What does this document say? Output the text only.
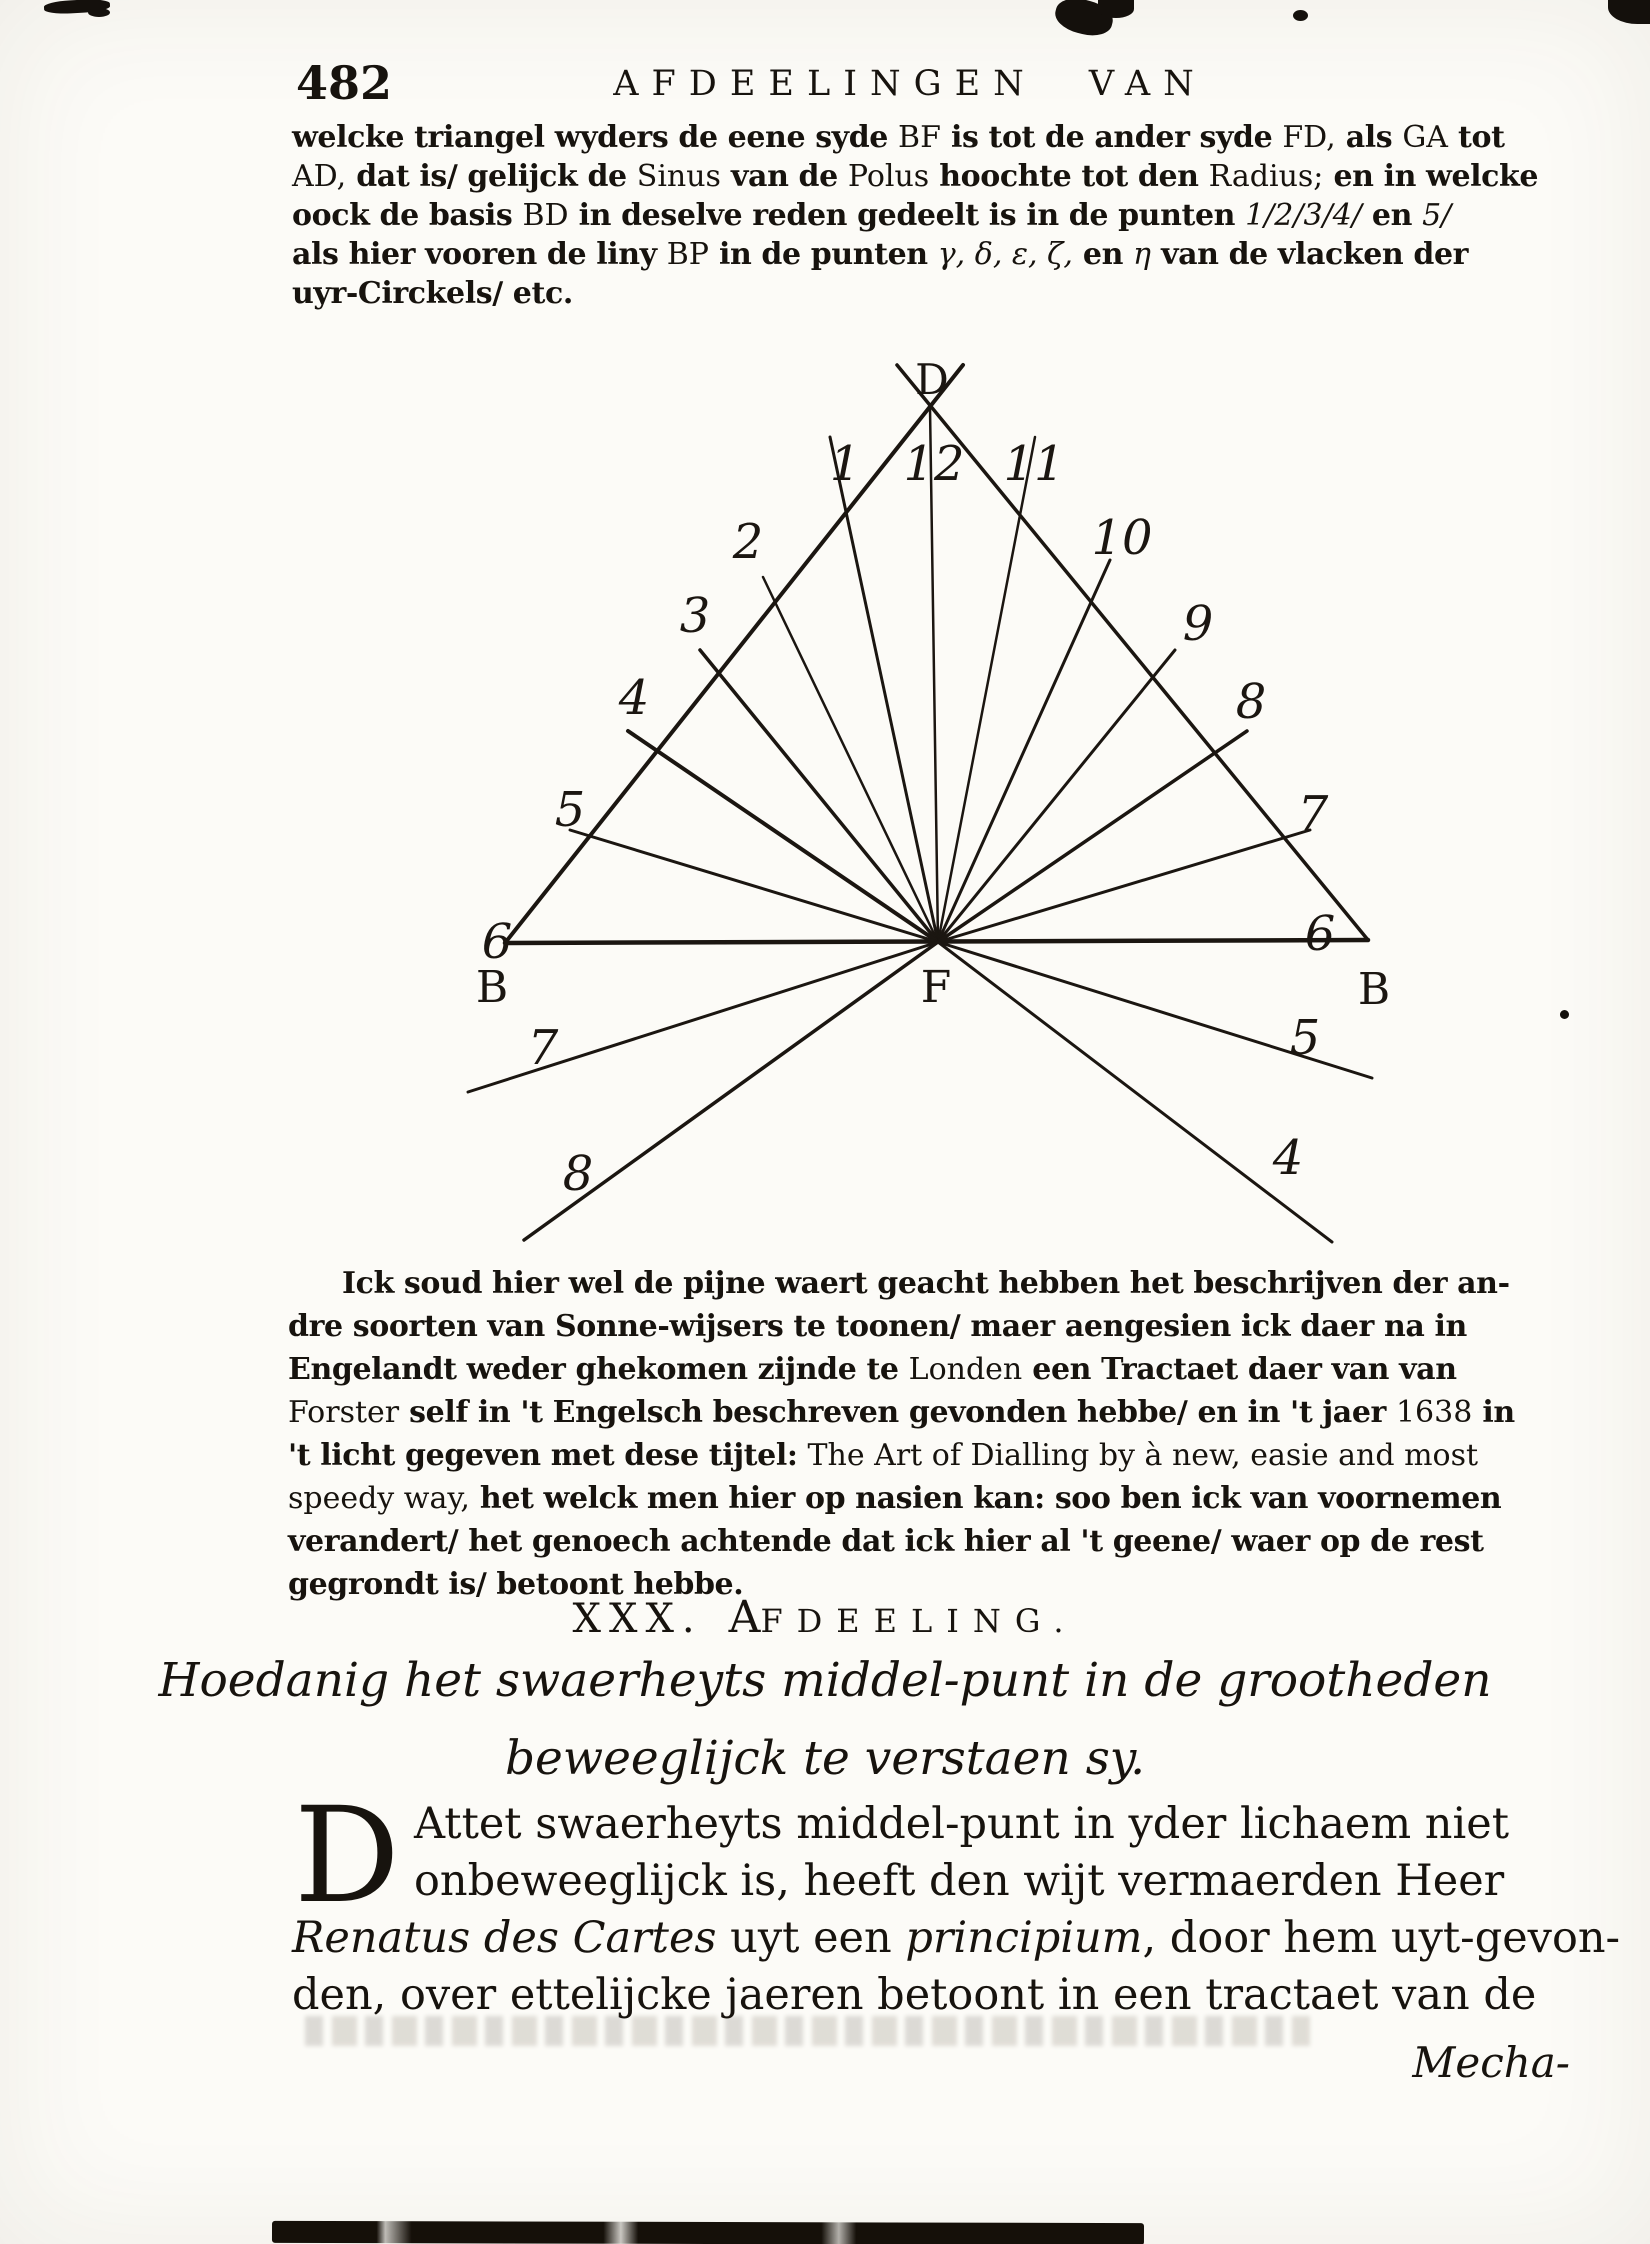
482	AFDEELINGEN VAN
welcke triangel wyders de eene syde BF is tot de ander syde FD, als GA tot
AD, dat is/ gelijck de Sinus van de Polus hoochte tot den Radius; en in welcke
oock de basis BD in deselve reden gedeelt is in de punten 1/2/3/4/ en 5/
als hier vooren de liny BP in de punten γ, δ, ε, ζ, en η van de vlacken der
uyr-Circkels/ etc.
D
12
1	11
2	10
3	9
4	8
5	7
6	6
B	F	B
7	5
8	4
Ick soud hier wel de pijne waert geacht hebben het beschrijven der an-
dre soorten van Sonne-wijsers te toonen/ maer aengesien ick daer na in
Engelandt weder ghekomen zijnde te Londen een Tractaet daer van van
Forster self in 't Engelsch beschreven gevonden hebbe/ en in 't jaer 1638 in
't licht gegeven met dese tijtel: The Art of Dialling by à new, easie and most
speedy way, het welck men hier op nasien kan: soo ben ick van voornemen
verandert/ het genoech achtende dat ick hier al 't geene/ waer op de rest
gegrondt is/ betoont hebbe.
XXX. AFDEELING.
Hoedanig het swaerheyts middel-punt in de grootheden
beweeglijck te verstaen sy.
D Attet swaerheyts middel-punt in yder lichaem niet
onbeweeglijck is, heeft den wijt vermaerden Heer
Renatus des Cartes uyt een principium, door hem uyt-gevon-
den, over ettelijcke jaeren betoont in een tractaet van de
Mecha-
